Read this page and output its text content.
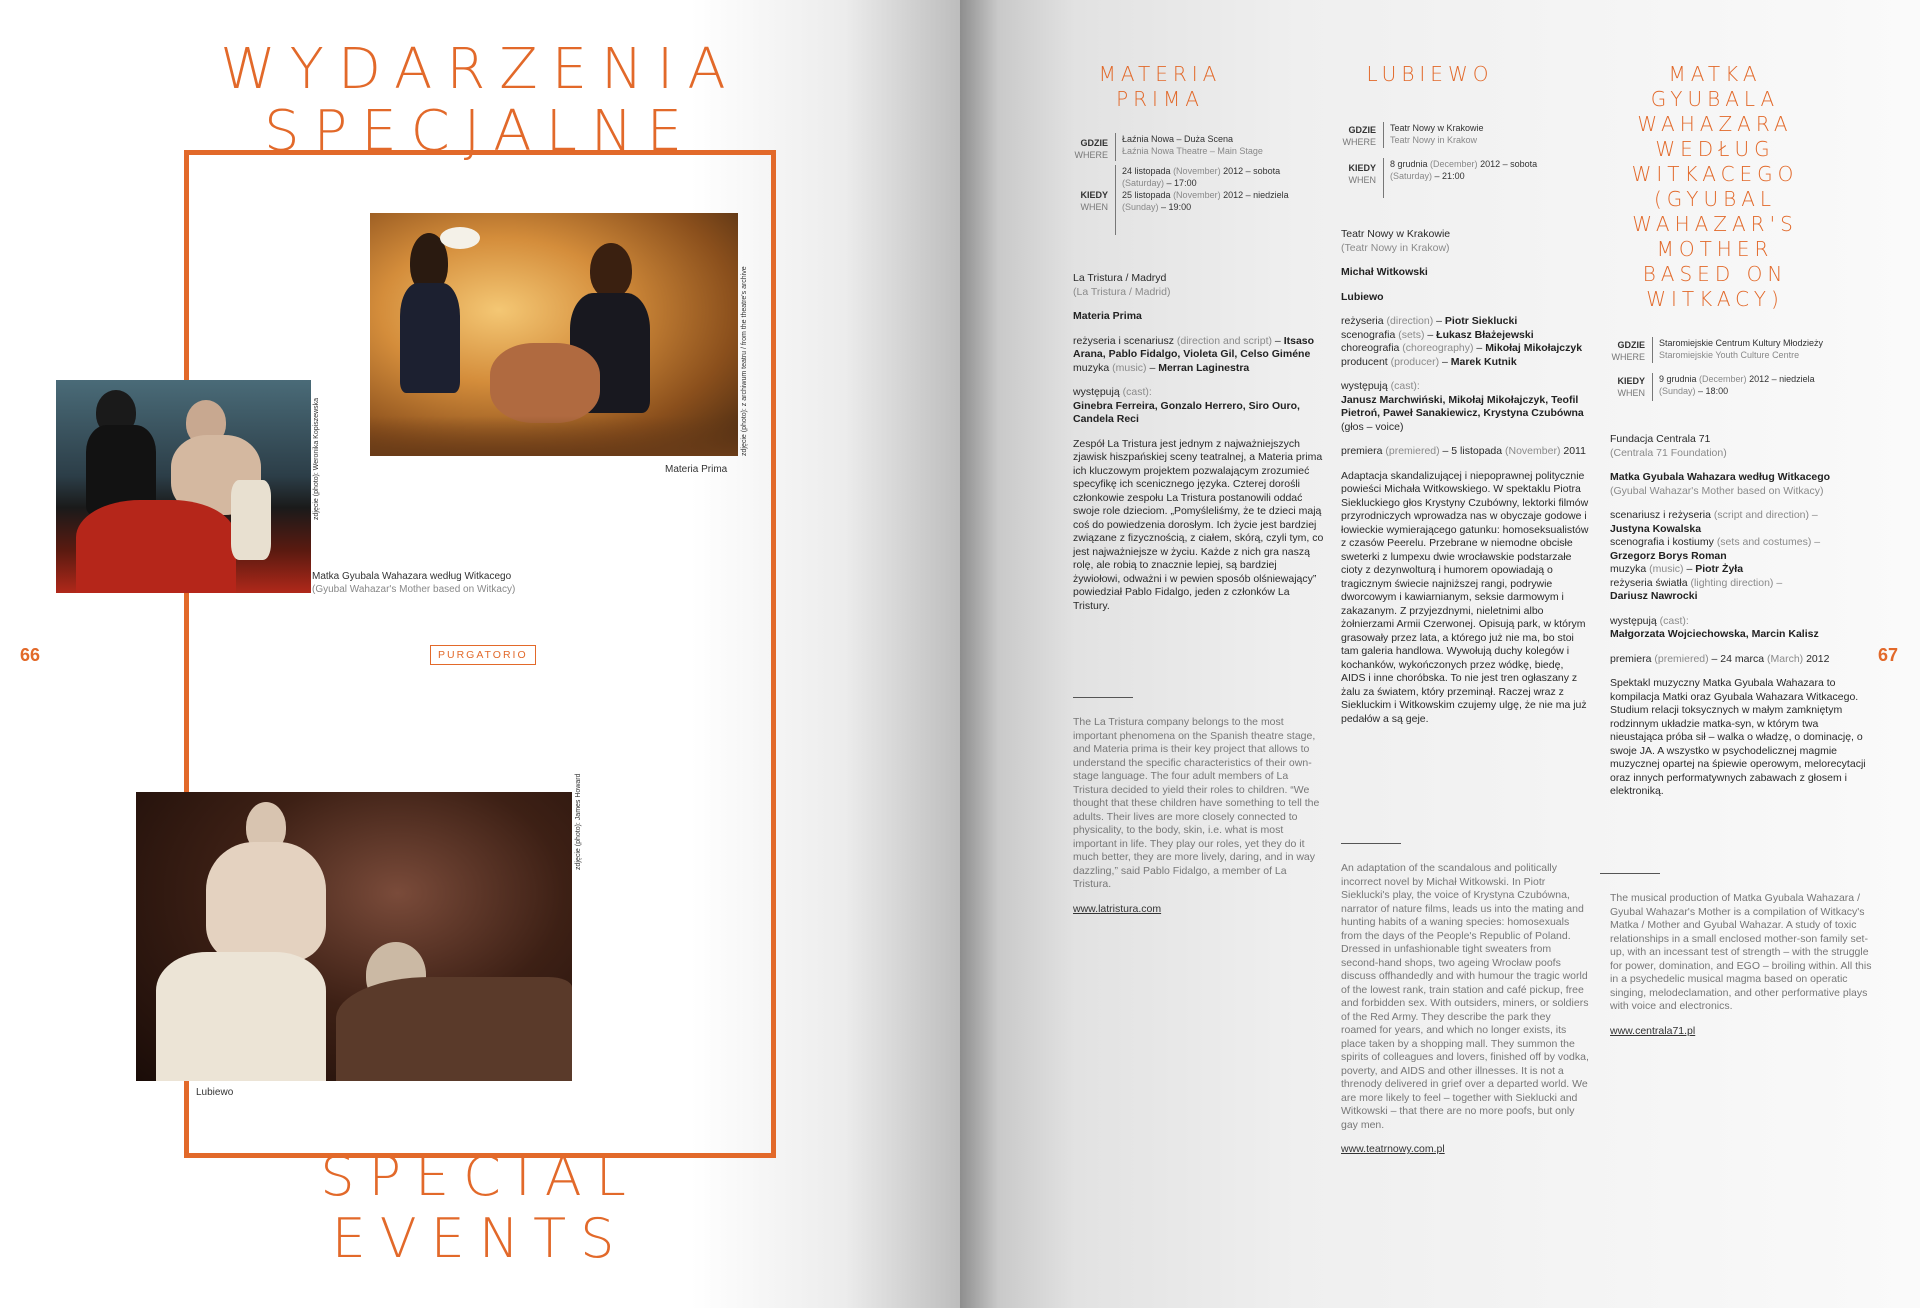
WYDARZENIA
SPECJALNE
zdjęcie (photo): z archiwum teatru / from the theatre's archive
Materia Prima
zdjęcie (photo): Weronika Kopiszewska
Matka Gyubala Wahazara według Witkacego
(Gyubal Wahazar's Mother based on Witkacy)
66	PURGATORIO
zdjęcie (photo): James Howard
Lubiewo
SPECIAL
EVENTS
MATERIA
PRIMA
GDZIE
WHERE
Łaźnia Nowa – Duża Scena
Łaźnia Nowa Theatre – Main Stage
KIEDY
WHEN
24 listopada (November) 2012 – sobota
(Saturday) – 17:00
25 listopada (November) 2012 – niedziela
(Sunday) – 19:00

La Tristura / Madryd
(La Tristura / Madrid)

Materia Prima

reżyseria i scenariusz (direction and script) – Itsaso Arana, Pablo Fidalgo, Violeta Gil, Celso Giméne
muzyka (music) – Merran Laginestra

występują (cast):
Ginebra Ferreira, Gonzalo Herrero, Siro Ouro, Candela Reci

Zespół La Tristura jest jednym z najważniejszych zjawisk hiszpańskiej sceny teatralnej, a Materia prima ich kluczowym projektem pozwalającym zrozumieć specyfikę ich scenicznego języka. Czterej dorośli członkowie zespołu La Tristura postanowili oddać swoje role dzieciom. „Pomyśleliśmy, że te dzieci mają coś do powiedzenia dorosłym. Ich życie jest bardziej związane z fizycznością, z ciałem, skórą, czyli tym, co jest najważniejsze w życiu. Każde z nich gra naszą rolę, ale robią to znacznie lepiej, są bardziej żywiołowi, odważni i w pewien sposób olśniewający” powiedział Pablo Fidalgo, jeden z członków La Tristury.

The La Tristura company belongs to the most important phenomena on the Spanish theatre stage, and Materia prima is their key project that allows to understand the specific characteristics of their own-stage language. The four adult members of La Tristura decided to yield their roles to children. “We thought that these children have something to tell the adults. Their lives are more closely connected to physicality, to the body, skin, i.e. what is most important in life. They play our roles, yet they do it much better, they are more lively, daring, and in way dazzling,” said Pablo Fidalgo, a member of La Tristura.

www.latristura.com

LUBIEWO
GDZIE
WHERE
Teatr Nowy w Krakowie
Teatr Nowy in Krakow
KIEDY
WHEN
8 grudnia (December) 2012 – sobota
(Saturday) – 21:00

Teatr Nowy w Krakowie
(Teatr Nowy in Krakow)

Michał Witkowski

Lubiewo

reżyseria (direction) – Piotr Sieklucki
scenografia (sets) – Łukasz Błażejewski
choreografia (choreography) – Mikołaj Mikołajczyk
producent (producer) – Marek Kutnik

występują (cast):
Janusz Marchwiński, Mikołaj Mikołajczyk, Teofil Pietroń, Paweł Sanakiewicz, Krystyna Czubówna (głos – voice)

premiera (premiered) – 5 listopada (November) 2011

Adaptacja skandalizującej i niepoprawnej politycznie powieści Michała Witkowskiego. W spektaklu Piotra Siekluckiego głos Krystyny Czubówny, lektorki filmów przyrodniczych wprowadza nas w obyczaje godowe i łowieckie wymierającego gatunku: homoseksualistów z czasów Peerelu. Przebrane w niemodne obcisłe sweterki z lumpexu dwie wrocławskie podstarzałe cioty z dezynwolturą i humorem opowiadają o tragicznym świecie najniższej rangi, podrywie dworcowym i kawiarnianym, seksie darmowym i zakazanym. Z przyjezdnymi, nieletnimi albo żołnierzami Armii Czerwonej. Opisują park, w którym grasowały przez lata, a którego już nie ma, bo stoi tam galeria handlowa. Wywołują duchy kolegów i kochanków, wykończonych przez wódkę, biedę, AIDS i inne choróbska. To nie jest tren ogłaszany z żalu za światem, który przeminął. Raczej wraz z Siekluckim i Witkowskim czujemy ulgę, że nie ma już pedałów a są geje.

An adaptation of the scandalous and politically incorrect novel by Michał Witkowski. In Piotr Sieklucki's play, the voice of Krystyna Czubówna, narrator of nature films, leads us into the mating and hunting habits of a waning species: homosexuals from the days of the People's Republic of Poland. Dressed in unfashionable tight sweaters from second-hand shops, two ageing Wrocław poofs discuss offhandedly and with humour the tragic world of the lowest rank, train station and café pickup, free and forbidden sex. With outsiders, miners, or soldiers of the Red Army. They describe the park they roamed for years, and which no longer exists, its place taken by a shopping mall. They summon the spirits of colleagues and lovers, finished off by vodka, poverty, and AIDS and other illnesses. It is not a threnody delivered in grief over a departed world. We are more likely to feel – together with Sieklucki and Witkowski – that there are no more poofs, but only gay men.

www.teatrnowy.com.pl

MATKA
GYUBALA
WAHAZARA
WEDŁUG
WITKACEGO
(GYUBAL
WAHAZAR'S
MOTHER
BASED ON
WITKACY)
GDZIE
WHERE
Staromiejskie Centrum Kultury Młodzieży
Staromiejskie Youth Culture Centre
KIEDY
WHEN
9 grudnia (December) 2012 – niedziela
(Sunday) – 18:00

Fundacja Centrala 71
(Centrala 71 Foundation)

Matka Gyubala Wahazara według Witkacego
(Gyubal Wahazar's Mother based on Witkacy)

scenariusz i reżyseria (script and direction) –
Justyna Kowalska
scenografia i kostiumy (sets and costumes) –
Grzegorz Borys Roman
muzyka (music) – Piotr Żyła
reżyseria światła (lighting direction) –
Dariusz Nawrocki

występują (cast):
Małgorzata Wojciechowska, Marcin Kalisz

premiera (premiered) – 24 marca (March) 2012

Spektakl muzyczny Matka Gyubala Wahazara to kompilacja Matki oraz Gyubala Wahazara Witkacego. Studium relacji toksycznych w małym zamkniętym rodzinnym układzie matka-syn, w którym twa nieustająca próba sił – walka o władzę, o dominację, o swoje JA. A wszystko w psychodelicznej magmie muzycznej opartej na śpiewie operowym, melorecytacji oraz innych performatywnych zabawach z głosem i elektroniką.

The musical production of Matka Gyubala Wahazara / Gyubal Wahazar's Mother is a compilation of Witkacy's Matka / Mother and Gyubal Wahazar. A study of toxic relationships in a small enclosed mother-son family set-up, with an incessant test of strength – with the struggle for power, domination, and EGO – broiling within. All this in a psychedelic musical magma based on operatic singing, melodeclamation, and other performative plays with voice and electronics.

www.centrala71.pl

67
